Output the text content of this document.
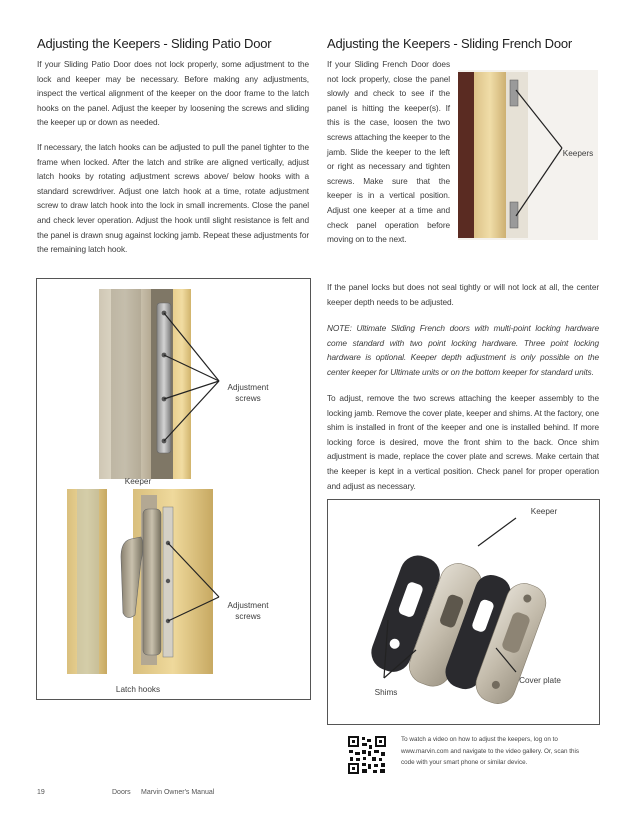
Adjusting the Keepers - Sliding Patio Door

If your Sliding Patio Door does not lock properly, some adjustment to the lock and keeper may be necessary. Before making any adjustments, inspect the vertical alignment of the keeper on the door frame to the latch hooks on the panel. Adjust the keeper by loosening the screws and sliding the keeper up or down as needed.

If necessary, the latch hooks can be adjusted to pull the panel tighter to the frame when locked. After the latch and strike are aligned vertically, adjust latch hooks by rotating adjustment screws above/ below hooks with a standard screwdriver. Adjust one latch hook at a time, rotate adjustment screw to draw latch hook into the lock in small increments. Close the panel and check lever operation. Adjust the hook until slight resistance is felt and the panel is drawn snug against locking jamb. Repeat these adjustments for the remaining latch hook.

Adjustment
screws
Keeper
Adjustment
screws
Latch hooks
Adjusting the Keepers - Sliding French Door

If your Sliding French Door does not lock properly, close the panel slowly and check to see if the panel is hitting the keeper(s). If this is the case, loosen the two screws attaching the keeper to the jamb. Slide the keeper to the left or right as necessary and tighten screws. Make sure that the keeper is in a vertical position. Adjust one keeper at a time and check panel operation before moving on to the next.

Keepers

If the panel locks but does not seal tightly or will not lock at all, the center keeper depth needs to be adjusted.

NOTE: Ultimate Sliding French doors with multi-point locking hardware come standard with two point locking hardware. Three point locking hardware is optional. Keeper depth adjustment is only possible on the center keeper for Ultimate units or on the bottom keeper for standard units.

To adjust, remove the two screws attaching the keeper assembly to the locking jamb. Remove the cover plate, keeper and shims. At the factory, one shim is installed in front of the keeper and one is installed behind. If more locking force is desired, move the front shim to the back. Once shim adjustment is made, replace the cover plate and screws. Make certain that the keeper is kept in a vertical position. Check panel for proper operation and adjust as necessary.

Keeper
Shims
Cover plate

To watch a video on how to adjust the keepers, log on to www.marvin.com and navigate to the video gallery. Or, scan this code with your smart phone or similar device.

19	Doors Marvin Owner's Manual
